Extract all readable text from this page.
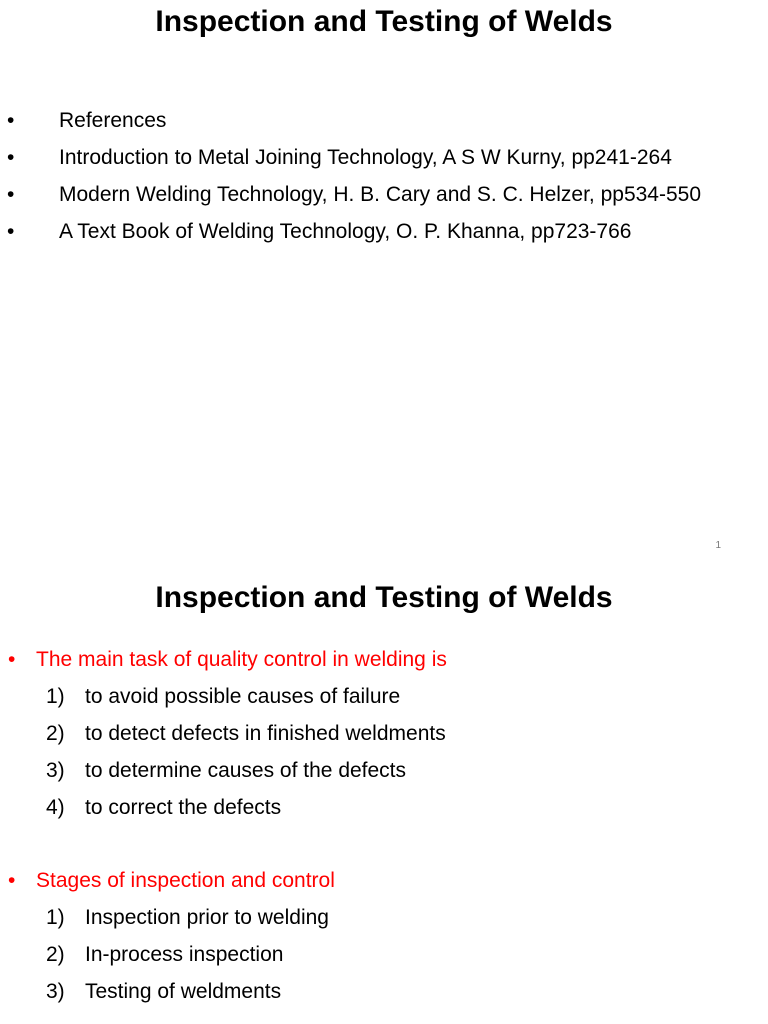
Inspection and Testing of Welds
• References
• Introduction to Metal Joining Technology, A S W Kurny, pp241-264
• Modern Welding Technology, H. B. Cary and S. C. Helzer, pp534-550
• A Text Book of Welding Technology, O. P. Khanna, pp723-766
1
Inspection and Testing of Welds
• The main task of quality control in welding is
1) to avoid possible causes of failure
2) to detect defects in finished weldments
3) to determine causes of the defects
4) to correct the defects
• Stages of inspection and control
1) Inspection prior to welding
2) In-process inspection
3) Testing of weldments
